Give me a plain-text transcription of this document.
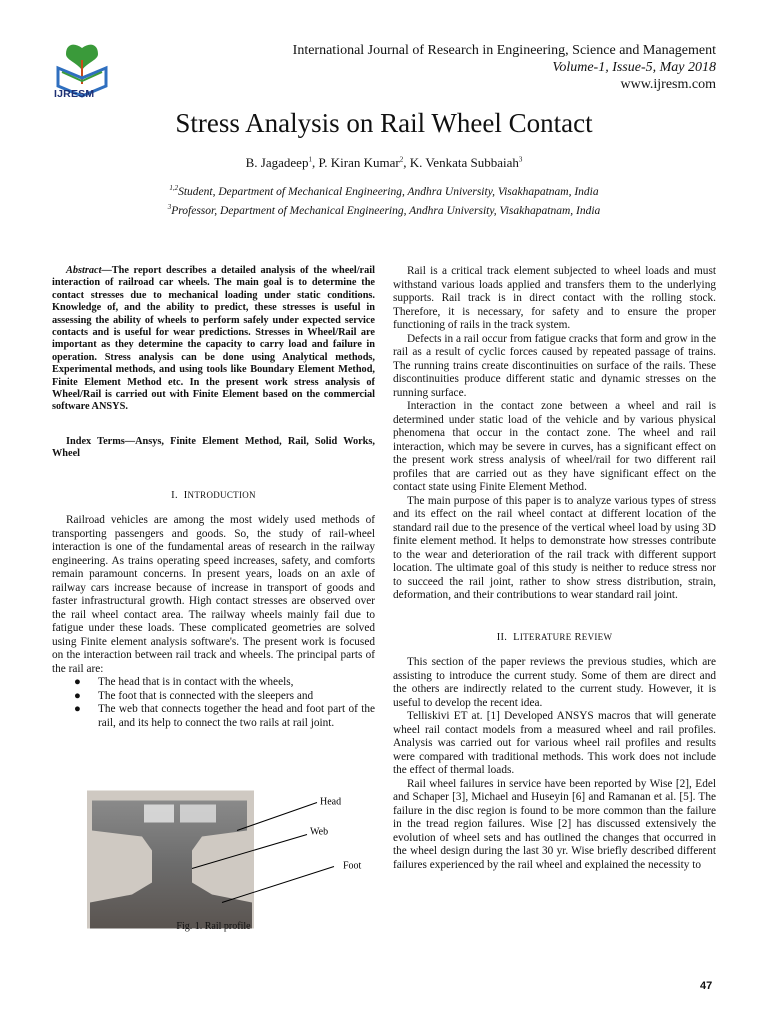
IJRESM
International Journal of Research in Engineering, Science and Management
Volume-1, Issue-5, May 2018
www.ijresm.com
Stress Analysis on Rail Wheel Contact
B. Jagadeep$^1$, P. Kiran Kumar$^2$, K. Venkata Subbaiah$^3$
$^{1,2}$Student, Department of Mechanical Engineering, Andhra University, Visakhapatnam, India
$^3$Professor, Department of Mechanical Engineering, Andhra University, Visakhapatnam, India

Abstract—The report describes a detailed analysis of the wheel/rail interaction of railroad car wheels. The main goal is to determine the contact stresses due to mechanical loading under static conditions. Knowledge of, and the ability to predict, these stresses is useful in assessing the ability of wheels to perform safely under expected service contacts and is useful for wear predictions. Stresses in Wheel/Rail are important as they determine the capacity to carry load and failure in operation. Stress analysis can be done using Analytical methods, Experimental methods, and using tools like Boundary Element Method, Finite Element Method etc. In the present work stress analysis of Wheel/Rail is carried out with Finite Element based on the commercial software ANSYS.

Index Terms—Ansys, Finite Element Method, Rail, Solid Works, Wheel

I. INTRODUCTION

Railroad vehicles are among the most widely used methods of transporting passengers and goods. So, the study of rail-wheel interaction is one of the fundamental areas of research in the railway engineering. As trains operating speed increases, safety, and comforts remain paramount concerns. In present years, loads on an axle of railway cars increase because of increase in transport of goods and faster infrastructural growth. High contact stresses are observed over the rail wheel contact area. The railway wheels mainly fail due to fatigue under these loads. These complicated geometries are solved using Finite element analysis software's. The present work is focused on the interaction between rail track and wheels. The principal parts of the rail are:

● The head that is in contact with the wheels,
● The foot that is connected with the sleepers and
● The web that connects together the head and foot part of the rail, and its help to connect the two rails at rail joint.
Head
Web
Foot
Fig. 1. Rail profile

Rail is a critical track element subjected to wheel loads and must withstand various loads applied and transfers them to the underlying supports. Rail track is in direct contact with the rolling stock. Therefore, it is necessary, for safety and to ensure the proper functioning of rails in the track system.

Defects in a rail occur from fatigue cracks that form and grow in the rail as a result of cyclic forces caused by repeated passage of trains. The running trains create discontinuities on surface of the rails. These discontinuities produce different static and dynamic stresses on the running surface.

Interaction in the contact zone between a wheel and rail is determined under static load of the vehicle and by various physical phenomena that occur in the contact zone. The wheel and rail interaction, which may be severe in curves, has a significant effect on the present work stress analysis of wheel/rail for two different rail profiles that are carried out as they have significant effect on the contact state using Finite Element Method.

The main purpose of this paper is to analyze various types of stress and its effect on the rail wheel contact at different location of the standard rail due to the presence of the vertical wheel load by using 3D finite element method. It helps to demonstrate how stresses contribute to the wear and deterioration of the rail track with different support location. The ultimate goal of this study is neither to reduce stress nor to succeed the rail joint, rather to show stress distribution, strain, deformation, and their contributions to wear standard rail joint.

II. LITERATURE REVIEW

This section of the paper reviews the previous studies, which are assisting to introduce the current study. Some of them are direct and the others are indirectly related to the current study. However, it is useful to develop the recent idea.

Telliskivi ET at. [1] Developed ANSYS macros that will generate wheel rail contact models from a measured wheel and rail profiles. Analysis was carried out for various wheel rail profiles and results were compared with traditional methods. This work does not include the effect of thermal loads.

Rail wheel failures in service have been reported by Wise [2], Edel and Schaper [3], Michael and Huseyin [6] and Ramanan et al. [5]. The failure in the disc region is found to be more common than the failure in the tread region failures. Wise [2] has discussed extensively the evolution of wheel sets and has outlined the changes that occurred in the wheel design during the last 30 yr. Wise briefly described different failures experienced by the rail wheel and explained the necessity to

47
